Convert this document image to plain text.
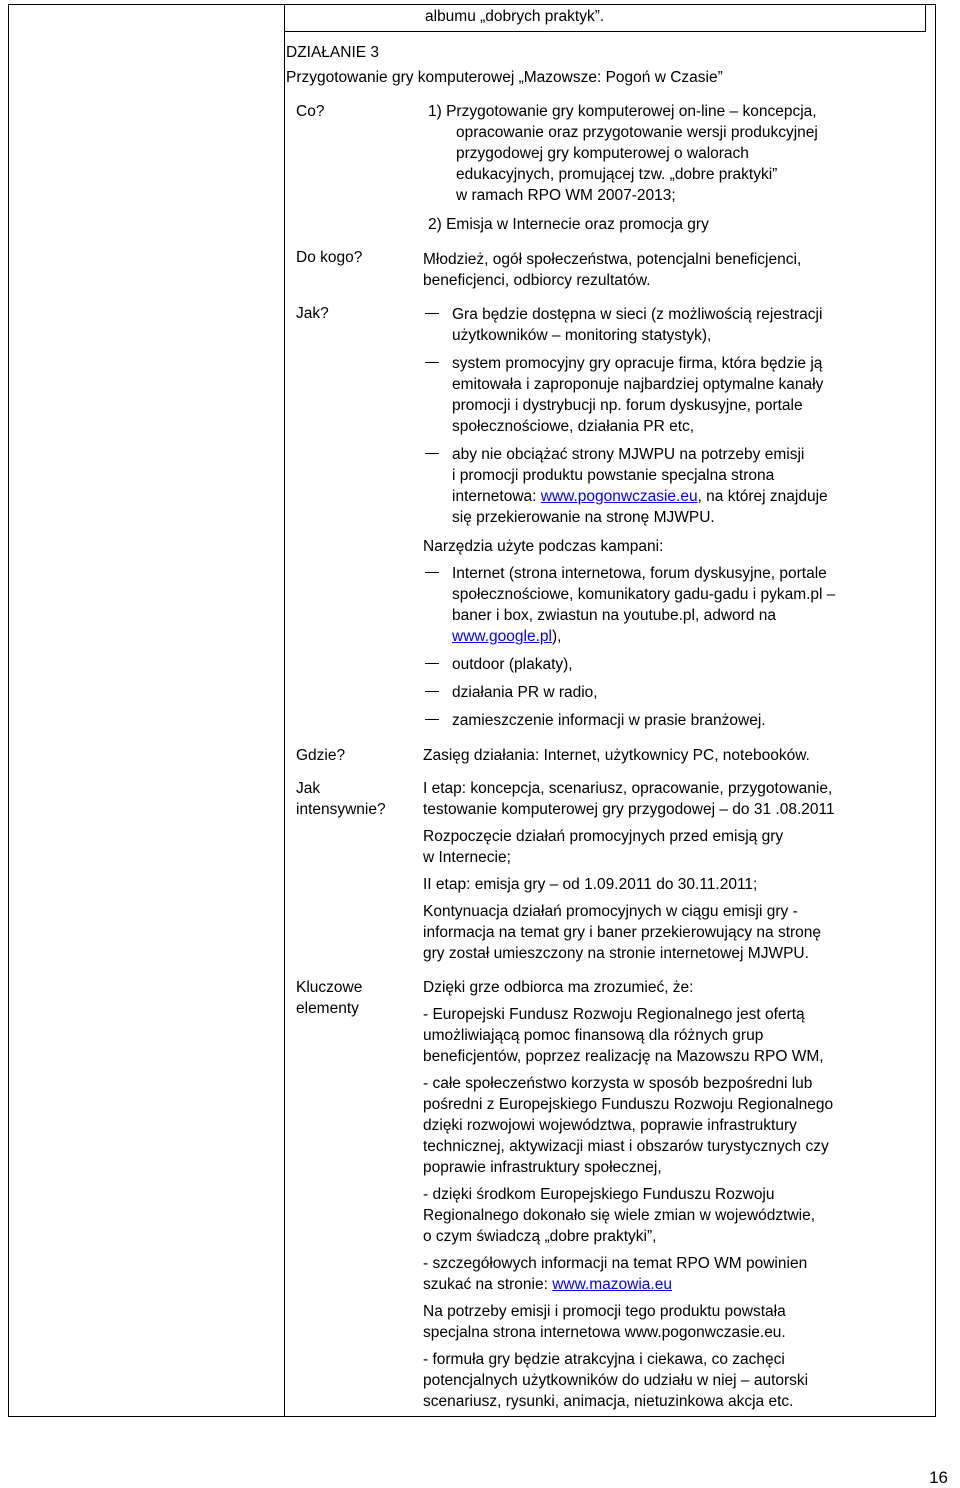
albumu „dobrych praktyk”.

DZIAŁANIE 3

Przygotowanie gry komputerowej „Mazowsze: Pogoń w Czasie”

Co?

Do kogo?

Jak?

Gdzie?

Jak

intensywnie?

Kluczowe

elementy

1) Przygotowanie gry komputerowej on-line – koncepcja,

opracowanie oraz przygotowanie wersji produkcyjnej

przygodowej gry komputerowej o walorach

edukacyjnych, promującej tzw. „dobre praktyki”

w ramach RPO WM 2007-2013;

2) Emisja w Internecie oraz promocja gry

Młodzież, ogół społeczeństwa, potencjalni beneficjenci,

beneficjenci, odbiorcy rezultatów.

Gra będzie dostępna w sieci (z możliwością rejestracji

użytkowników – monitoring statystyk),

system promocyjny gry opracuje firma, która będzie ją

emitowała i zaproponuje najbardziej optymalne kanały

promocji i dystrybucji np. forum dyskusyjne, portale

społecznościowe, działania PR etc,

aby nie obciążać strony MJWPU na potrzeby emisji

i promocji produktu powstanie specjalna strona

internetowa: www.pogonwczasie.eu, na której znajduje

się przekierowanie na stronę MJWPU.

Narzędzia użyte podczas kampani:

Internet (strona internetowa, forum dyskusyjne, portale

społecznościowe, komunikatory gadu-gadu i pykam.pl –

baner i box, zwiastun na youtube.pl, adword na

www.google.pl),

outdoor (plakaty),

działania PR w radio,

zamieszczenie informacji w prasie branżowej.

Zasięg działania: Internet, użytkownicy PC, notebooków.

I etap: koncepcja, scenariusz, opracowanie, przygotowanie,

testowanie komputerowej gry przygodowej – do 31 .08.2011

Rozpoczęcie działań promocyjnych przed emisją gry

w Internecie;

II etap: emisja gry – od 1.09.2011 do 30.11.2011;

Kontynuacja działań promocyjnych w ciągu emisji gry -

informacja na temat gry i baner przekierowujący na stronę

gry został umieszczony na stronie internetowej MJWPU.

Dzięki grze odbiorca ma zrozumieć, że:

- Europejski Fundusz Rozwoju Regionalnego jest ofertą

umożliwiającą pomoc finansową dla różnych grup

beneficjentów, poprzez realizację na Mazowszu RPO WM,

- całe społeczeństwo korzysta w sposób bezpośredni lub

pośredni z Europejskiego Funduszu Rozwoju Regionalnego

dzięki rozwojowi województwa, poprawie infrastruktury

technicznej, aktywizacji miast i obszarów turystycznych czy

poprawie infrastruktury społecznej,

- dzięki środkom Europejskiego Funduszu Rozwoju

Regionalnego dokonało się wiele zmian w województwie,

o czym świadczą „dobre praktyki”,

- szczegółowych informacji na temat RPO WM powinien

szukać na stronie: www.mazowia.eu

Na potrzeby emisji i promocji tego produktu powstała

specjalna strona internetowa www.pogonwczasie.eu.

- formuła gry będzie atrakcyjna i ciekawa, co zachęci

potencjalnych użytkowników do udziału w niej – autorski

scenariusz, rysunki, animacja, nietuzinkowa akcja etc.

16
